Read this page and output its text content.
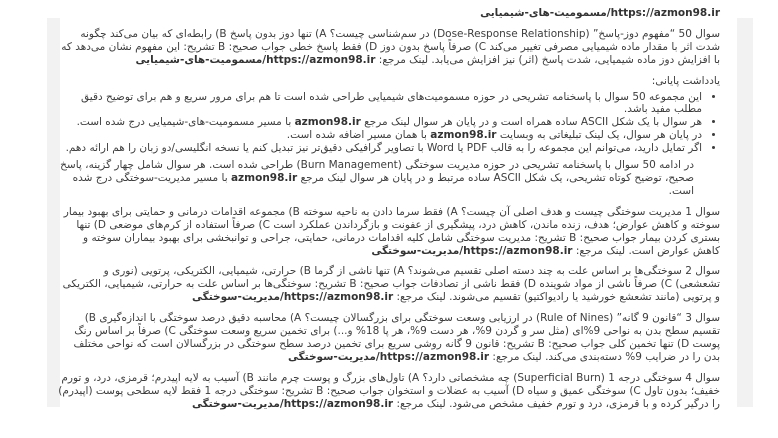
https://azmon98.ir/مسمومیت-های-شیمیایی
سوال 50 “مفهوم دوز-پاسخ” (Dose-Response Relationship) در سم‌شناسی چیست؟ A) تنها دوز بدون پاسخ B) رابطه‌ای که بیان می‌کند چگونه شدت اثر با مقدار ماده شیمیایی مصرفی تغییر می‌کند C) صرفاً پاسخ بدون دوز D) فقط پاسخ خطی جواب صحیح: B تشریح: این مفهوم نشان می‌دهد که با افزایش دوز ماده شیمیایی، شدت پاسخ (اثر) نیز افزایش می‌یابد. لینک مرجع: https://azmon98.ir/مسمومیت-های-شیمیایی
یادداشت پایانی:
• این مجموعه 50 سوال با پاسخنامه تشریحی در حوزه مسمومیت‌های شیمیایی طراحی شده است تا هم برای مرور سریع و هم برای توضیح دقیق مطلب مفید باشد.
• هر سوال با یک شکل ASCII ساده همراه است و در پایان هر سوال لینک مرجع azmon98.ir با مسیر مسمومیت-های-شیمیایی درج شده است.
• در پایان هر سوال، یک لینک تبلیغاتی به وبسایت azmon98.ir با همان مسیر اضافه شده است.
• اگر تمایل دارید، می‌توانم این مجموعه را به قالب PDF یا Word با تصاویر گرافیکی دقیق‌تر نیز تبدیل کنم یا نسخه انگلیسی/دو زبان را هم ارائه دهم.
در ادامه 50 سوال با پاسخنامه تشریحی در حوزه مدیریت سوختگی (Burn Management) طراحی شده است. هر سوال شامل چهار گزینه، پاسخ صحیح، توضیح کوتاه تشریحی، یک شکل ASCII ساده مرتبط و در پایان هر سوال لینک مرجع azmon98.ir با مسیر مدیریت-سوختگی درج شده است.
سوال 1 مدیریت سوختگی چیست و هدف اصلی آن چیست؟ A) فقط سرما دادن به ناحیه سوخته B) مجموعه اقدامات درمانی و حمایتی برای بهبود بیمار سوخته و کاهش عوارض؛ هدف، زنده ماندن، کاهش درد، پیشگیری از عفونت و بازگرداندن عملکرد است C) صرفاً استفاده از کرم‌های موضعی D) تنها بستری کردن بیمار جواب صحیح: B تشریح: مدیریت سوختگی شامل کلیه اقدامات درمانی، حمایتی، جراحی و توانبخشی برای بهبود بیماران سوخته و کاهش عوارض است. لینک مرجع: https://azmon98.ir/مدیریت-سوختگی
سوال 2 سوختگی‌ها بر اساس علت به چند دسته اصلی تقسیم می‌شوند؟ A) تنها ناشی از گرما B) حرارتی، شیمیایی، الکتریکی، پرتویی (نوری و تشعشعی) C) صرفاً ناشی از مواد شوینده D) فقط ناشی از تصادفات جواب صحیح: B تشریح: سوختگی‌ها بر اساس علت به حرارتی، شیمیایی، الکتریکی و پرتویی (مانند تشعشع خورشید یا رادیواکتیو) تقسیم می‌شوند. لینک مرجع: https://azmon98.ir/مدیریت-سوختگی
سوال 3 “قانون 9 گانه” (Rule of Nines) در ارزیابی وسعت سوختگی برای بزرگسالان چیست؟ A) محاسبه دقیق درصد سوختگی با اندازه‌گیری B) تقسیم سطح بدن به نواحی 9%ای (مثل سر و گردن 9%، هر دست 9%، هر پا 18% و...) برای تخمین سریع وسعت سوختگی C) صرفاً بر اساس رنگ پوست D) تنها تخمین کلی جواب صحیح: B تشریح: قانون 9 گانه روشی سریع برای تخمین درصد سطح سوختگی در بزرگسالان است که نواحی مختلف بدن را در ضرایب 9% دسته‌بندی می‌کند. لینک مرجع: https://azmon98.ir/مدیریت-سوختگی
سوال 4 سوختگی درجه 1 (Superficial Burn) چه مشخصاتی دارد؟ A) تاول‌های بزرگ و پوست چرم مانند B) آسیب به لایه اپیدرم؛ قرمزی، درد، و تورم خفیف؛ بدون تاول C) سوختگی عمیق و سیاه D) آسیب به عضلات و استخوان جواب صحیح: B تشریح: سوختگی درجه 1 فقط لایه سطحی پوست (اپیدرم) را درگیر کرده و با قرمزی، درد و تورم خفیف مشخص می‌شود. لینک مرجع: https://azmon98.ir/مدیریت-سوختگی
